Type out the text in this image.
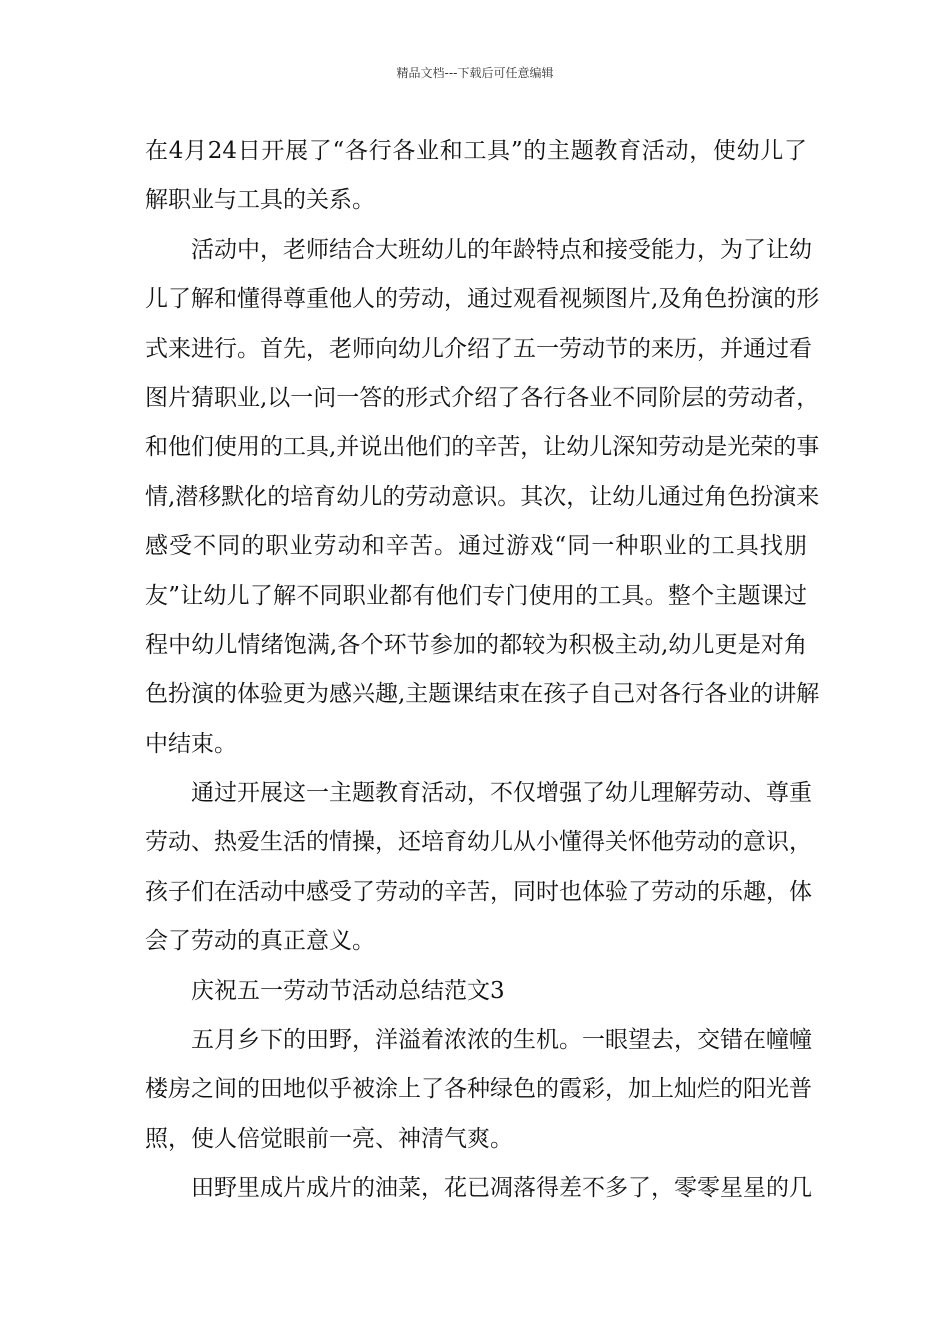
精品文档---下载后可任意编辑
在4月24日开展了“各行各业和工具”的主题教育活动，使幼儿了
解职业与工具的关系。
活动中，老师结合大班幼儿的年龄特点和接受能力，为了让幼
儿了解和懂得尊重他人的劳动，通过观看视频图片,及角色扮演的形
式来进行。首先，老师向幼儿介绍了五一劳动节的来历，并通过看
图片猜职业,以一问一答的形式介绍了各行各业不同阶层的劳动者，
和他们使用的工具,并说出他们的辛苦，让幼儿深知劳动是光荣的事
情,潜移默化的培育幼儿的劳动意识。其次，让幼儿通过角色扮演来
感受不同的职业劳动和辛苦。通过游戏“同一种职业的工具找朋
友”让幼儿了解不同职业都有他们专门使用的工具。整个主题课过
程中幼儿情绪饱满,各个环节参加的都较为积极主动,幼儿更是对角
色扮演的体验更为感兴趣,主题课结束在孩子自己对各行各业的讲解
中结束。
通过开展这一主题教育活动，不仅增强了幼儿理解劳动、尊重
劳动、热爱生活的情操，还培育幼儿从小懂得关怀他劳动的意识，
孩子们在活动中感受了劳动的辛苦，同时也体验了劳动的乐趣，体
会了劳动的真正意义。
庆祝五一劳动节活动总结范文3
五月乡下的田野，洋溢着浓浓的生机。一眼望去，交错在幢幢
楼房之间的田地似乎被涂上了各种绿色的霞彩，加上灿烂的阳光普
照，使人倍觉眼前一亮、神清气爽。
田野里成片成片的油菜，花已凋落得差不多了，零零星星的几
